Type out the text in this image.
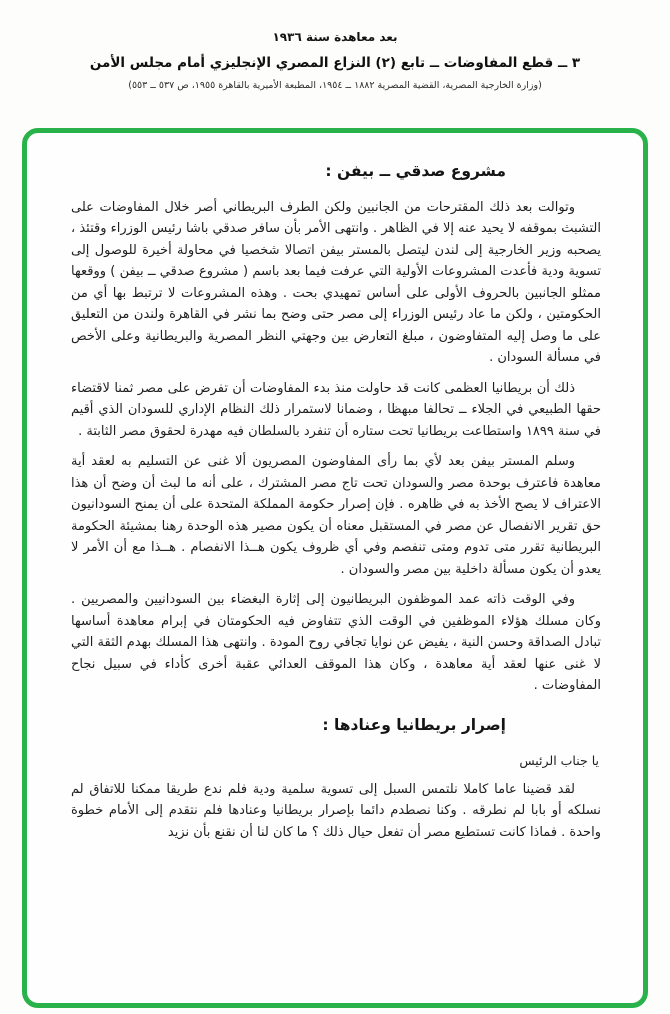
بعد معاهدة سنة ١٩٣٦
٣ ــ قطع المفاوضات ــ تابع (٢) النزاع المصري الإنجليزي أمام مجلس الأمن
(وزارة الخارجية المصرية، القضية المصرية ١٨٨٢ ــ ١٩٥٤، المطبعة الأميرية بالقاهرة ١٩٥٥، ص ٥٣٧ ــ ٥٥٣)
مشروع صدقي ــ بيفن :

وتوالت بعد ذلك المقترحات من الجانبين ولكن الطرف البريطاني أصر خلال المفاوضات على التشبث بموقفه لا يحيد عنه إلا في الظاهر . وانتهى الأمر بأن سافر صدقي باشا رئيس الوزراء وقتئذ ، يصحبه وزير الخارجية إلى لندن ليتصل بالمستر بيفن اتصالا شخصيا في محاولة أخيرة للوصول إلى تسوية ودية فأعدت المشروعات الأولية التي عرفت فيما بعد باسم ( مشروع صدقي ــ بيفن ) ووقعها ممثلو الجانبين بالحروف الأولى على أساس تمهيدي بحت . وهذه المشروعات لا ترتبط بها أي من الحكومتين ، ولكن ما عاد رئيس الوزراء إلى مصر حتى وضح بما نشر في القاهرة ولندن من التعليق على ما وصل إليه المتفاوضون ، مبلغ التعارض بين وجهتي النظر المصرية والبريطانية وعلى الأخص في مسألة السودان .

ذلك أن بريطانيا العظمى كانت قد حاولت منذ بدء المفاوضات أن تفرض على مصر ثمنا لاقتضاء حقها الطبيعي في الجلاء ــ تحالفا مبهظا ، وضمانا لاستمرار ذلك النظام الإداري للسودان الذي أقيم في سنة ١٨٩٩ واستطاعت بريطانيا تحت ستاره أن تنفرد بالسلطان فيه مهدرة لحقوق مصر الثابتة .

وسلم المستر بيفن بعد لأي بما رأى المفاوضون المصريون ألا غنى عن التسليم به لعقد أية معاهدة فاعترف بوحدة مصر والسودان تحت تاج مصر المشترك ، على أنه ما لبث أن وضح أن هذا الاعتراف لا يصح الأخذ به في ظاهره . فإن إصرار حكومة المملكة المتحدة على أن يمنح السودانيون حق تقرير الانفصال عن مصر في المستقبل معناه أن يكون مصير هذه الوحدة رهنا بمشيئة الحكومة البريطانية تقرر متى تدوم ومتى تنفصم وفي أي ظروف يكون هــذا الانفصام . هــذا مع أن الأمر لا يعدو أن يكون مسألة داخلية بين مصر والسودان .

وفي الوقت ذاته عمد الموظفون البريطانيون إلى إثارة البغضاء بين السودانيين والمصريين . وكان مسلك هؤلاء الموظفين في الوقت الذي تتفاوض فيه الحكومتان في إبرام معاهدة أساسها تبادل الصداقة وحسن النية ، يفيض عن نوايا تجافي روح المودة . وانتهى هذا المسلك بهدم الثقة التي لا غنى عنها لعقد أية معاهدة ، وكان هذا الموقف العدائي عقبة أخرى كأداء في سبيل نجاح المفاوضات .

إصرار بريطانيا وعنادها :
يا جناب الرئيس

لقد قضينا عاما كاملا نلتمس السبل إلى تسوية سلمية ودية فلم ندع طريقا ممكنا للاتفاق لم نسلكه أو بابا لم نطرقه . وكنا نصطدم دائما بإصرار بريطانيا وعنادها فلم نتقدم إلى الأمام خطوة واحدة . فماذا كانت تستطيع مصر أن تفعل حيال ذلك ؟ ما كان لنا أن نقنع بأن نزيد
